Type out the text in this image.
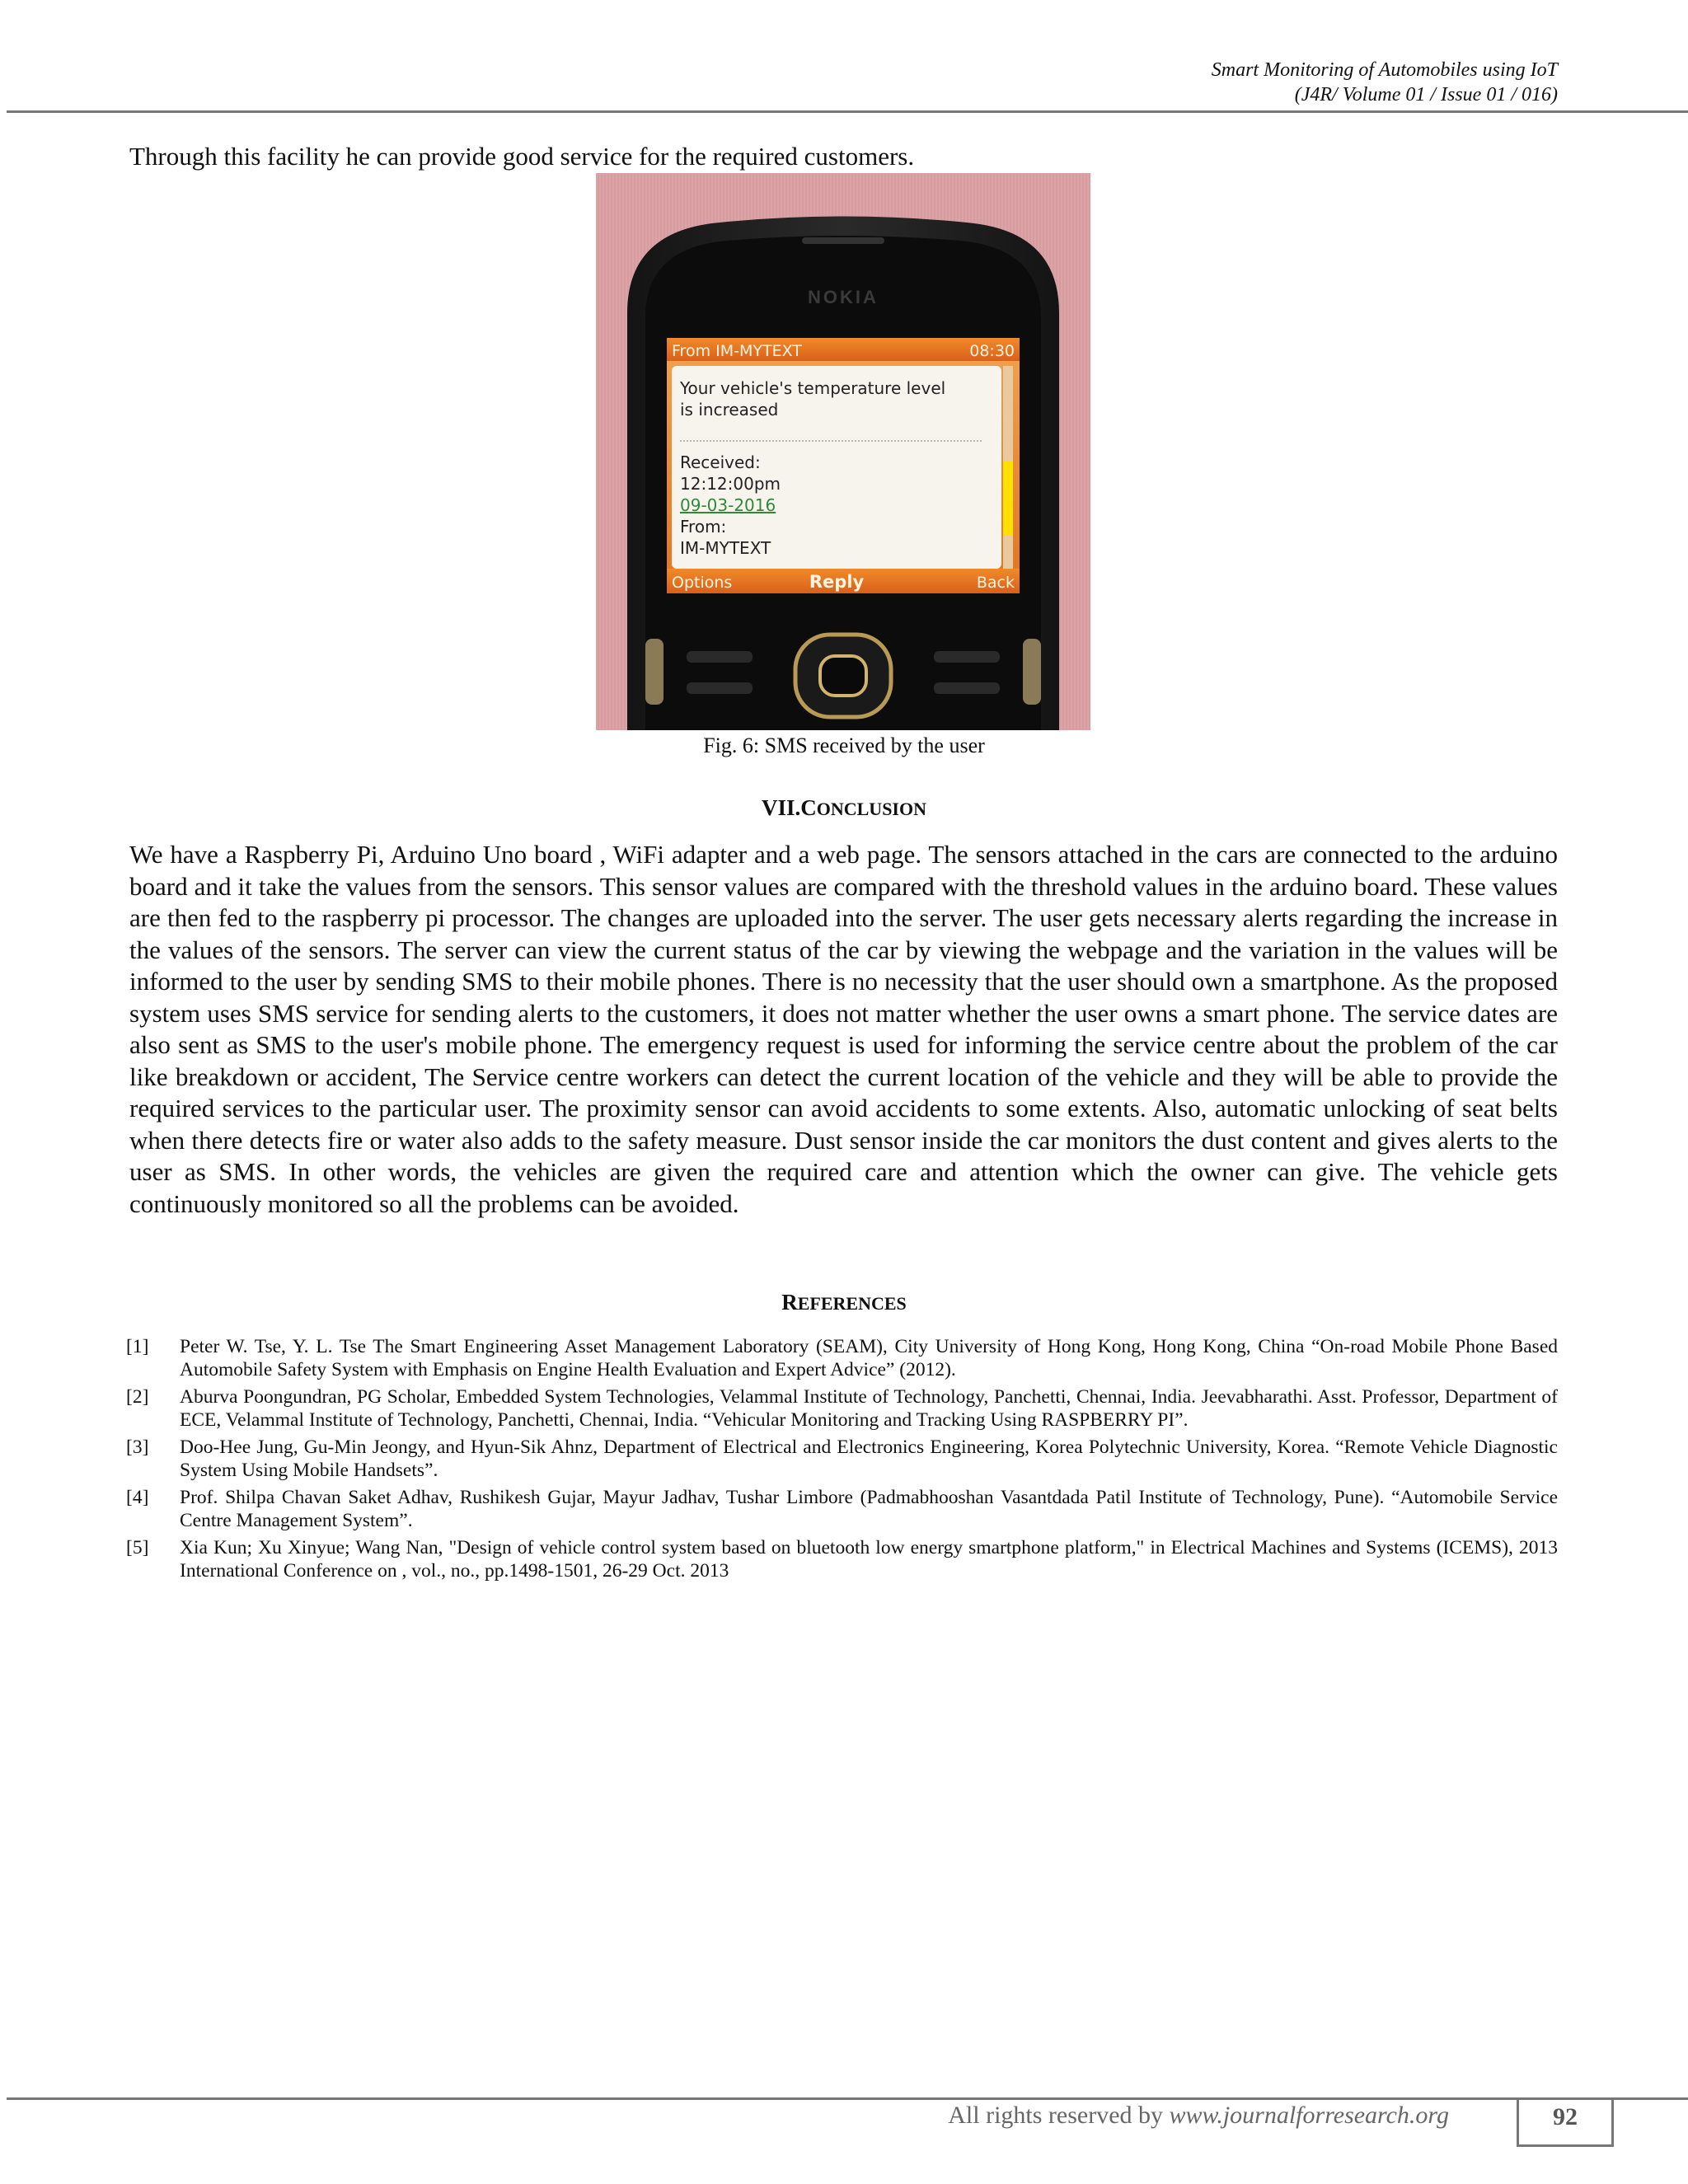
Smart Monitoring of Automobiles using IoT
(J4R/ Volume 01 / Issue 01 / 016)
Through this facility he can provide good service for the required customers.
NOKIA
From IM-MYTEXT	08:30
Your vehicle's temperature level
is increased
Received:
12:12:00pm
09-03-2016
From:
IM-MYTEXT
Options	Reply	Back
Fig. 6: SMS received by the user
VII.CONCLUSION
We have a Raspberry Pi, Arduino Uno board , WiFi adapter and a web page. The sensors attached in the cars are connected to the arduino board and it take the values from the sensors. This sensor values are compared with the threshold values in the arduino board. These values are then fed to the raspberry pi processor. The changes are uploaded into the server. The user gets necessary alerts regarding the increase in the values of the sensors. The server can view the current status of the car by viewing the webpage and the variation in the values will be informed to the user by sending SMS to their mobile phones. There is no necessity that the user should own a smartphone. As the proposed system uses SMS service for sending alerts to the customers, it does not matter whether the user owns a smart phone. The service dates are also sent as SMS to the user's mobile phone. The emergency request is used for informing the service centre about the problem of the car like breakdown or accident, The Service centre workers can detect the current location of the vehicle and they will be able to provide the required services to the particular user. The proximity sensor can avoid accidents to some extents. Also, automatic unlocking of seat belts when there detects fire or water also adds to the safety measure. Dust sensor inside the car monitors the dust content and gives alerts to the user as SMS. In other words, the vehicles are given the required care and attention which the owner can give. The vehicle gets continuously monitored so all the problems can be avoided.
REFERENCES
[1]	Peter W. Tse, Y. L. Tse The Smart Engineering Asset Management Laboratory (SEAM), City University of Hong Kong, Hong Kong, China “On-road Mobile Phone Based Automobile Safety System with Emphasis on Engine Health Evaluation and Expert Advice” (2012).
[2]	Aburva Poongundran, PG Scholar, Embedded System Technologies, Velammal Institute of Technology, Panchetti, Chennai, India. Jeevabharathi. Asst. Professor, Department of ECE, Velammal Institute of Technology, Panchetti, Chennai, India. “Vehicular Monitoring and Tracking Using RASPBERRY PI”.
[3]	Doo-Hee Jung, Gu-Min Jeongy, and Hyun-Sik Ahnz, Department of Electrical and Electronics Engineering, Korea Polytechnic University, Korea. “Remote Vehicle Diagnostic System Using Mobile Handsets”.
[4]	Prof. Shilpa Chavan Saket Adhav, Rushikesh Gujar, Mayur Jadhav, Tushar Limbore (Padmabhooshan Vasantdada Patil Institute of Technology, Pune). “Automobile Service Centre Management System”.
[5]	Xia Kun; Xu Xinyue; Wang Nan, "Design of vehicle control system based on bluetooth low energy smartphone platform," in Electrical Machines and Systems (ICEMS), 2013 International Conference on , vol., no., pp.1498-1501, 26-29 Oct. 2013
All rights reserved by www.journalforresearch.org	92
